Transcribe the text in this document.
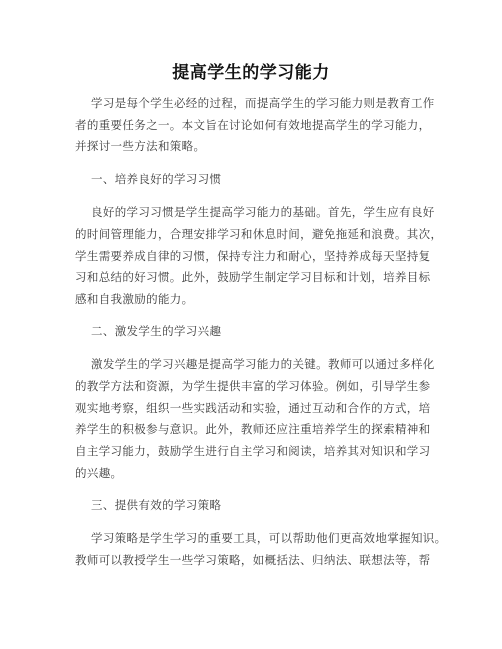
提高学生的学习能力
学习是每个学生必经的过程，而提高学生的学习能力则是教育工作
者的重要任务之一。本文旨在讨论如何有效地提高学生的学习能力，
并探讨一些方法和策略。
一、培养良好的学习习惯
良好的学习习惯是学生提高学习能力的基础。首先，学生应有良好
的时间管理能力，合理安排学习和休息时间，避免拖延和浪费。其次，
学生需要养成自律的习惯，保持专注力和耐心，坚持养成每天坚持复
习和总结的好习惯。此外，鼓励学生制定学习目标和计划，培养目标
感和自我激励的能力。
二、激发学生的学习兴趣
激发学生的学习兴趣是提高学习能力的关键。教师可以通过多样化
的教学方法和资源，为学生提供丰富的学习体验。例如，引导学生参
观实地考察，组织一些实践活动和实验，通过互动和合作的方式，培
养学生的积极参与意识。此外，教师还应注重培养学生的探索精神和
自主学习能力，鼓励学生进行自主学习和阅读，培养其对知识和学习
的兴趣。
三、提供有效的学习策略
学习策略是学生学习的重要工具，可以帮助他们更高效地掌握知识。
教师可以教授学生一些学习策略，如概括法、归纳法、联想法等，帮
